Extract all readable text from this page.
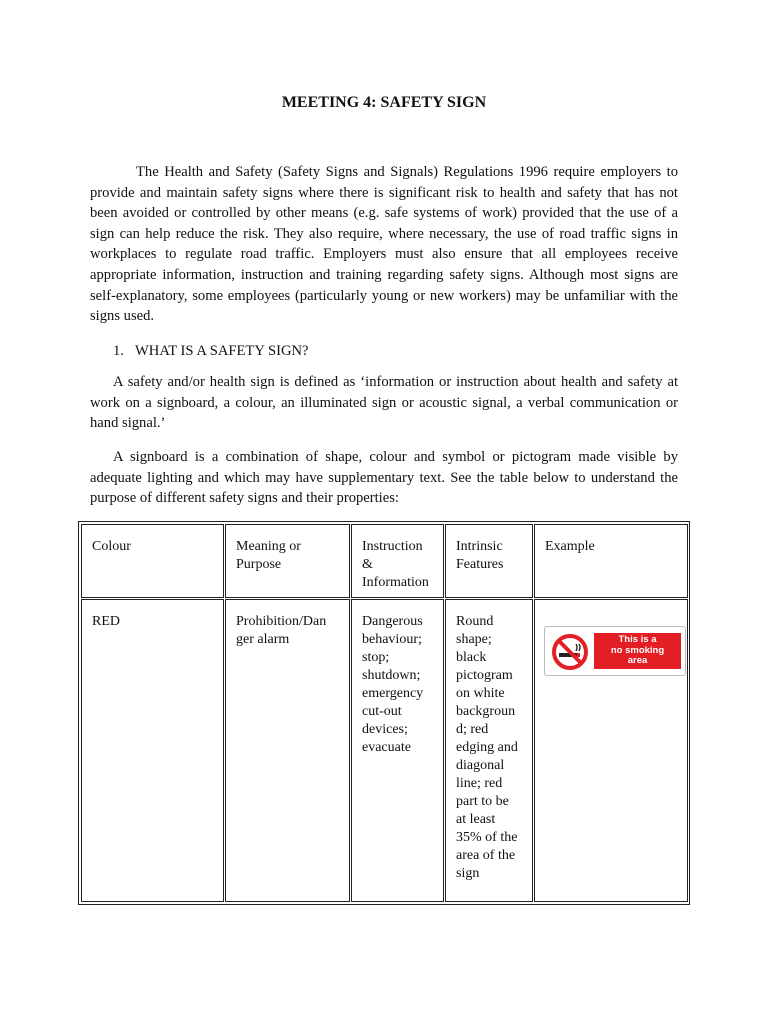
MEETING 4: SAFETY SIGN

The Health and Safety (Safety Signs and Signals) Regulations 1996 require employers to provide and maintain safety signs where there is significant risk to health and safety that has not been avoided or controlled by other means (e.g. safe systems of work) provided that the use of a sign can help reduce the risk. They also require, where necessary, the use of road traffic signs in workplaces to regulate road traffic. Employers must also ensure that all employees receive appropriate information, instruction and training regarding safety signs. Although most signs are self-explanatory, some employees (particularly young or new workers) may be unfamiliar with the signs used.

1. WHAT IS A SAFETY SIGN?

A safety and/or health sign is defined as ‘information or instruction about health and safety at work on a signboard, a colour, an illuminated sign or acoustic signal, a verbal communication or hand signal.’

A signboard is a combination of shape, colour and symbol or pictogram made visible by adequate lighting and which may have supplementary text. See the table below to understand the purpose of different safety signs and their properties:

Colour	Meaning or
Purpose
Instruction
&
Information
Intrinsic
Features
Example
RED	Prohibition/Dan
ger alarm
Dangerous
behaviour;
stop;
shutdown;
emergency
cut-out
devices;
evacuate
Round
shape;
black
pictogram
on white
backgroun
d; red
edging and
diagonal
line; red
part to be
at least
35% of the
area of the
sign
This is a
no smoking
area
